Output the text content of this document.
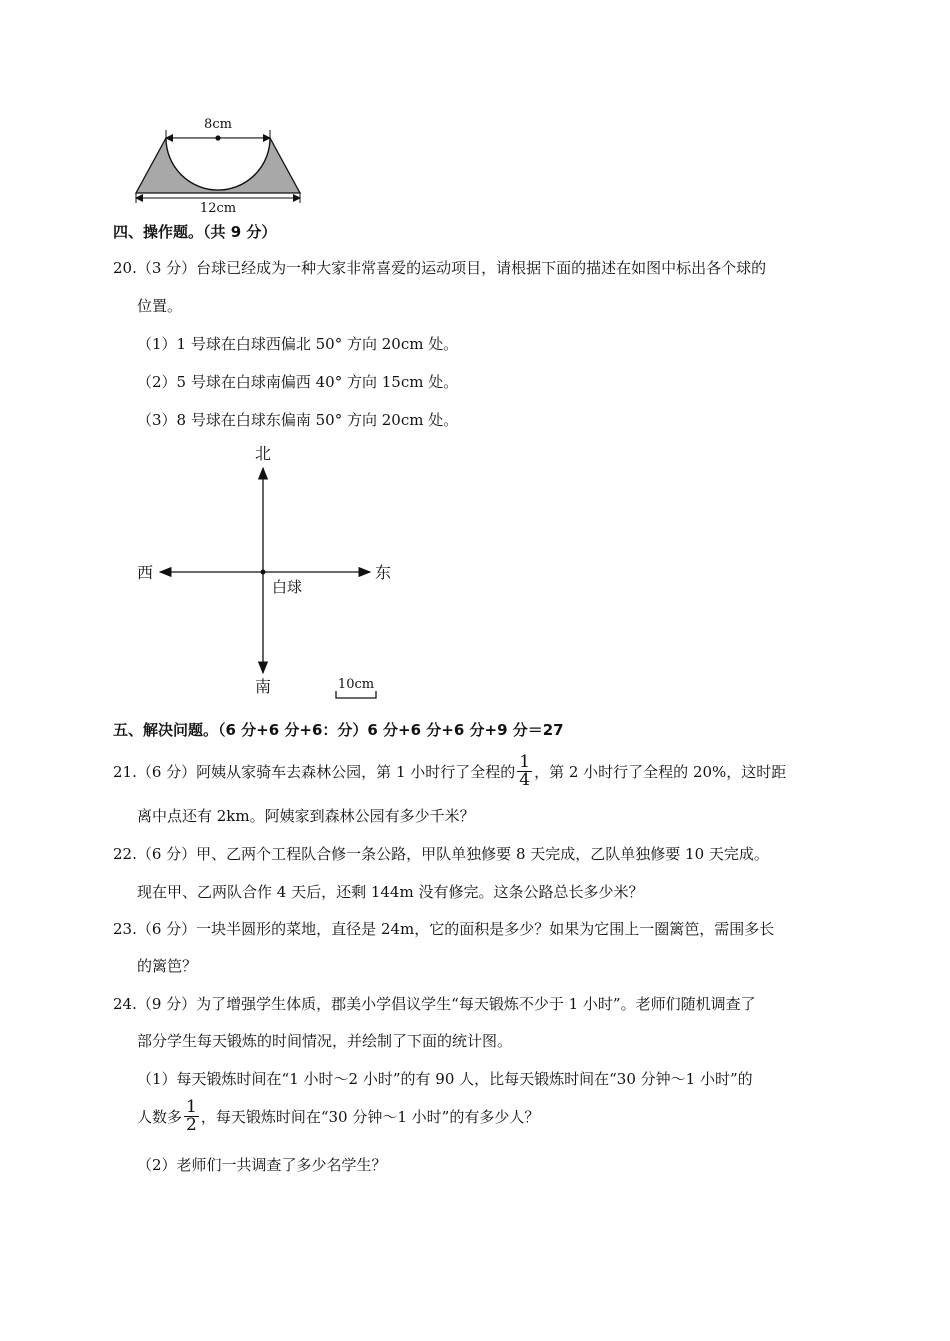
8cm
12cm
四、操作题。（共 9 分）
20.（3 分）台球已经成为一种大家非常喜爱的运动项目，请根据下面的描述在如图中标出各个球的
位置。
（1）1 号球在白球西偏北 50° 方向 20cm 处。
（2）5 号球在白球南偏西 40° 方向 15cm 处。
（3）8 号球在白球东偏南 50° 方向 20cm 处。
北
南
西	东
白球
10cm
五、解决问题。（6 分+6 分+6：分）6 分+6 分+6 分+9 分＝27
21.（6 分）阿姨从家骑车去森林公园，第 1 小时行了全程的 $\frac{1}{4}$ ，第 2 小时行了全程的 20%，这时距
离中点还有 2km。阿姨家到森林公园有多少千米？
22.（6 分）甲、乙两个工程队合修一条公路，甲队单独修要 8 天完成，乙队单独修要 10 天完成。
现在甲、乙两队合作 4 天后，还剩 144m 没有修完。这条公路总长多少米？
23.（6 分）一块半圆形的菜地，直径是 24m，它的面积是多少？如果为它围上一圈篱笆，需围多长
的篱笆？
24.（9 分）为了增强学生体质，郡美小学倡议学生“每天锻炼不少于 1 小时”。老师们随机调查了
部分学生每天锻炼的时间情况，并绘制了下面的统计图。
（1）每天锻炼时间在“1 小时～2 小时”的有 90 人，比每天锻炼时间在“30 分钟～1 小时”的
人数多 $\frac{1}{2}$ ，每天锻炼时间在“30 分钟～1 小时”的有多少人？
（2）老师们一共调查了多少名学生？
